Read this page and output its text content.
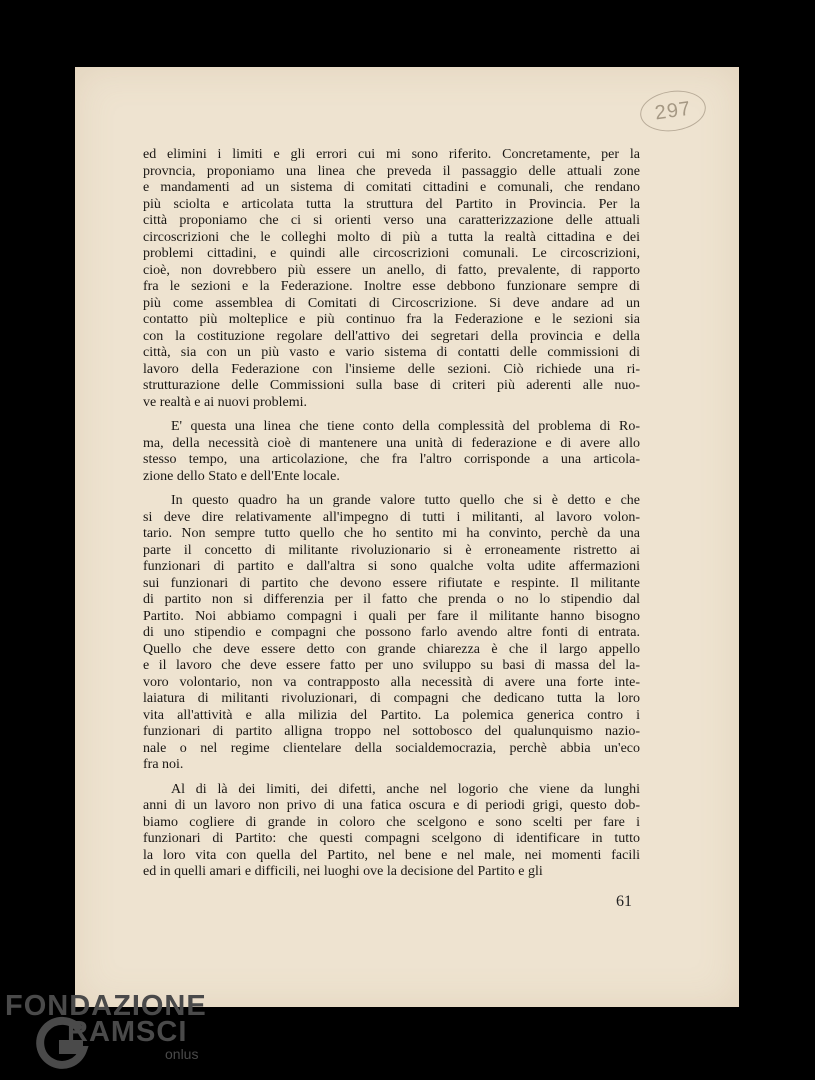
297
ed elimini i limiti e gli errori cui mi sono riferito. Concretamente, per la
provncia, proponiamo una linea che preveda il passaggio delle attuali zone
e mandamenti ad un sistema di comitati cittadini e comunali, che rendano
più sciolta e articolata tutta la struttura del Partito in Provincia. Per la
città proponiamo che ci si orienti verso una caratterizzazione delle attuali
circoscrizioni che le colleghi molto di più a tutta la realtà cittadina e dei
problemi cittadini, e quindi alle circoscrizioni comunali. Le circoscrizioni,
cioè, non dovrebbero più essere un anello, di fatto, prevalente, di rapporto
fra le sezioni e la Federazione. Inoltre esse debbono funzionare sempre di
più come assemblea di Comitati di Circoscrizione. Si deve andare ad un
contatto più molteplice e più continuo fra la Federazione e le sezioni sia
con la costituzione regolare dell'attivo dei segretari della provincia e della
città, sia con un più vasto e vario sistema di contatti delle commissioni di
lavoro della Federazione con l'insieme delle sezioni. Ciò richiede una ri-
strutturazione delle Commissioni sulla base di criteri più aderenti alle nuo-
ve realtà e ai nuovi problemi.
E' questa una linea che tiene conto della complessità del problema di Ro-
ma, della necessità cioè di mantenere una unità di federazione e di avere allo
stesso tempo, una articolazione, che fra l'altro corrisponde a una articola-
zione dello Stato e dell'Ente locale.
In questo quadro ha un grande valore tutto quello che si è detto e che
si deve dire relativamente all'impegno di tutti i militanti, al lavoro volon-
tario. Non sempre tutto quello che ho sentito mi ha convinto, perchè da una
parte il concetto di militante rivoluzionario si è erroneamente ristretto ai
funzionari di partito e dall'altra si sono qualche volta udite affermazioni
sui funzionari di partito che devono essere rifiutate e respinte. Il militante
di partito non si differenzia per il fatto che prenda o no lo stipendio dal
Partito. Noi abbiamo compagni i quali per fare il militante hanno bisogno
di uno stipendio e compagni che possono farlo avendo altre fonti di entrata.
Quello che deve essere detto con grande chiarezza è che il largo appello
e il lavoro che deve essere fatto per uno sviluppo su basi di massa del la-
voro volontario, non va contrapposto alla necessità di avere una forte inte-
laiatura di militanti rivoluzionari, di compagni che dedicano tutta la loro
vita all'attività e alla milizia del Partito. La polemica generica contro i
funzionari di partito alligna troppo nel sottobosco del qualunquismo nazio-
nale o nel regime clientelare della socialdemocrazia, perchè abbia un'eco
fra noi.
Al di là dei limiti, dei difetti, anche nel logorio che viene da lunghi
anni di un lavoro non privo di una fatica oscura e di periodi grigi, questo dob-
biamo cogliere di grande in coloro che scelgono e sono scelti per fare i
funzionari di Partito: che questi compagni scelgono di identificare in tutto
la loro vita con quella del Partito, nel bene e nel male, nei momenti facili
ed in quelli amari e difficili, nei luoghi ove la decisione del Partito e gli
61
FONDAZIONE
RAMSCI
onlus
